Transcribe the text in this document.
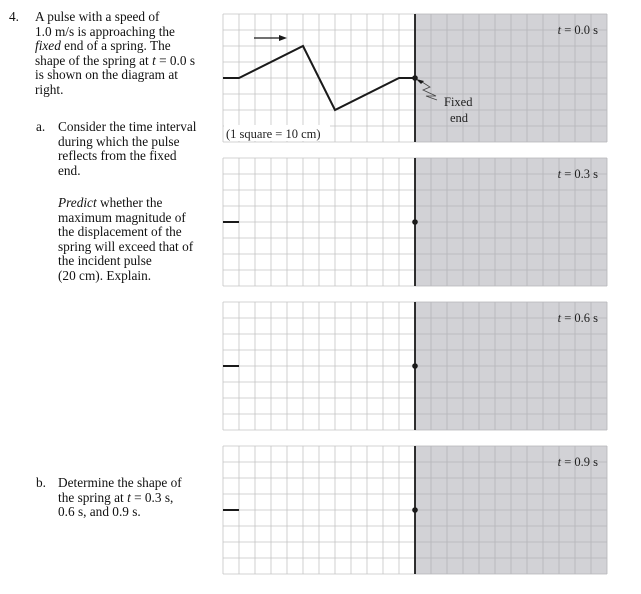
4. A pulse with a speed of
1.0 m/s is approaching the
fixed end of a spring. The
shape of the spring at t = 0.0 s
is shown on the diagram at
right.
a. Consider the time interval
during which the pulse
reflects from the fixed
end.
Predict whether the
maximum magnitude of
the displacement of the
spring will exceed that of
the incident pulse
(20 cm). Explain.
b. Determine the shape of
the spring at t = 0.3 s,
0.6 s, and 0.9 s.
Fixed
end
(1 square = 10 cm)
t = 0.0 s
t = 0.3 s
t = 0.6 s
t = 0.9 s
